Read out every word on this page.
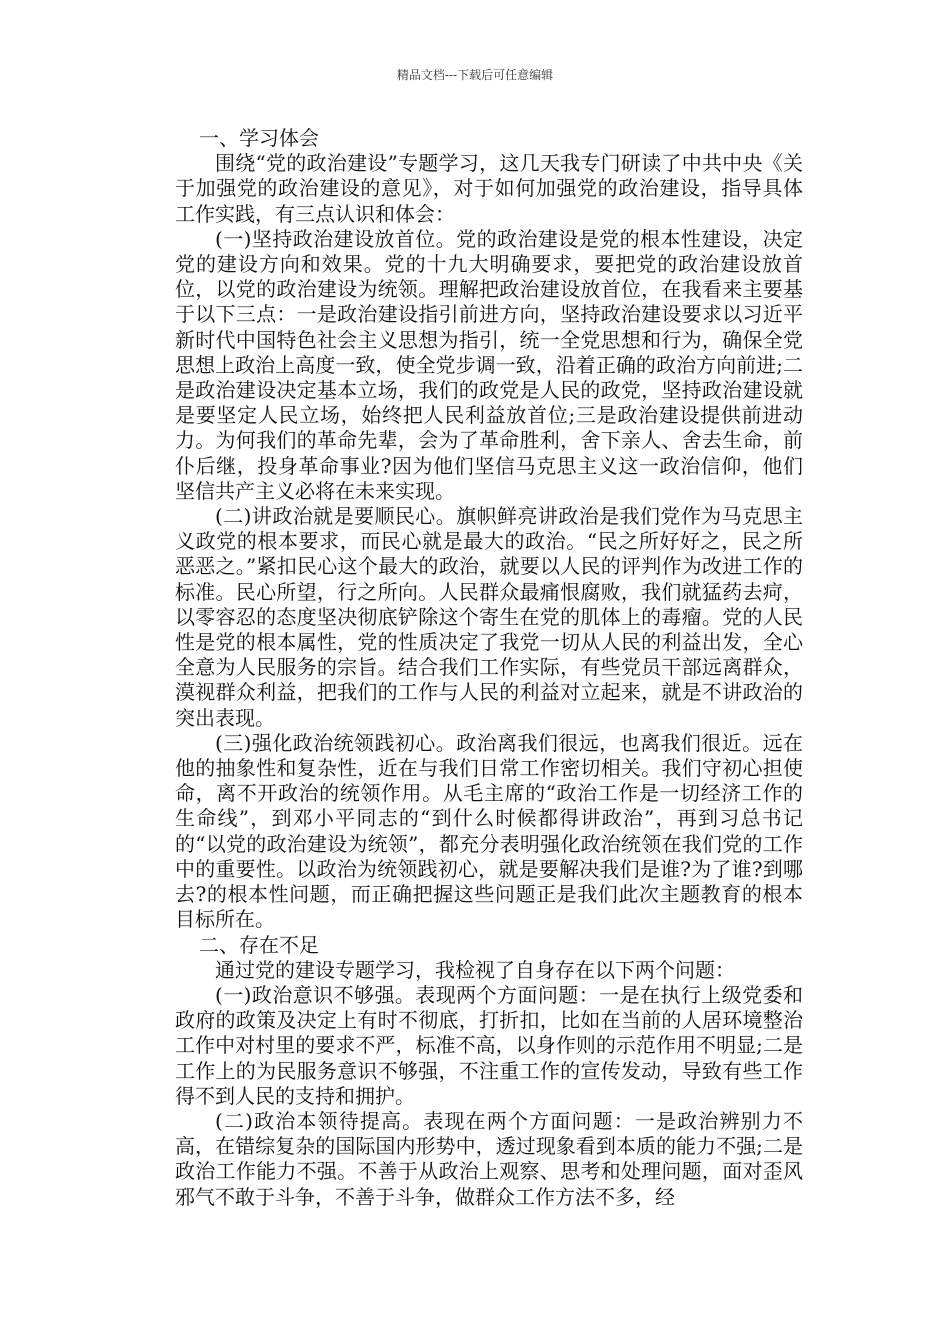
精品文档---下载后可任意编辑

一、学习体会

围绕“党的政治建设”专题学习，这几天我专门研读了中共中央《关于加强党的政治建设的意见》，对于如何加强党的政治建设，指导具体工作实践，有三点认识和体会：

(一)坚持政治建设放首位。党的政治建设是党的根本性建设，决定党的建设方向和效果。党的十九大明确要求，要把党的政治建设放首位，以党的政治建设为统领。理解把政治建设放首位，在我看来主要基于以下三点：一是政治建设指引前进方向，坚持政治建设要求以习近平新时代中国特色社会主义思想为指引，统一全党思想和行为，确保全党思想上政治上高度一致，使全党步调一致，沿着正确的政治方向前进;二是政治建设决定基本立场，我们的政党是人民的政党，坚持政治建设就是要坚定人民立场，始终把人民利益放首位;三是政治建设提供前进动力。为何我们的革命先辈，会为了革命胜利，舍下亲人、舍去生命，前仆后继，投身革命事业?因为他们坚信马克思主义这一政治信仰，他们坚信共产主义必将在未来实现。

(二)讲政治就是要顺民心。旗帜鲜亮讲政治是我们党作为马克思主义政党的根本要求，而民心就是最大的政治。“民之所好好之，民之所恶恶之。”紧扣民心这个最大的政治，就要以人民的评判作为改进工作的标准。民心所望，行之所向。人民群众最痛恨腐败，我们就猛药去疴，以零容忍的态度坚决彻底铲除这个寄生在党的肌体上的毒瘤。党的人民性是党的根本属性，党的性质决定了我党一切从人民的利益出发，全心全意为人民服务的宗旨。结合我们工作实际，有些党员干部远离群众，漠视群众利益，把我们的工作与人民的利益对立起来，就是不讲政治的突出表现。

(三)强化政治统领践初心。政治离我们很远，也离我们很近。远在他的抽象性和复杂性，近在与我们日常工作密切相关。我们守初心担使命，离不开政治的统领作用。从毛主席的“政治工作是一切经济工作的生命线”，到邓小平同志的“到什么时候都得讲政治”，再到习总书记的“以党的政治建设为统领”，都充分表明强化政治统领在我们党的工作中的重要性。以政治为统领践初心，就是要解决我们是谁?为了谁?到哪去?的根本性问题，而正确把握这些问题正是我们此次主题教育的根本目标所在。

二、存在不足

通过党的建设专题学习，我检视了自身存在以下两个问题：

(一)政治意识不够强。表现两个方面问题：一是在执行上级党委和政府的政策及决定上有时不彻底，打折扣，比如在当前的人居环境整治工作中对村里的要求不严，标准不高，以身作则的示范作用不明显;二是工作上的为民服务意识不够强，不注重工作的宣传发动，导致有些工作得不到人民的支持和拥护。

(二)政治本领待提高。表现在两个方面问题：一是政治辨别力不高，在错综复杂的国际国内形势中，透过现象看到本质的能力不强;二是政治工作能力不强。不善于从政治上观察、思考和处理问题，面对歪风邪气不敢于斗争，不善于斗争，做群众工作方法不多，经
